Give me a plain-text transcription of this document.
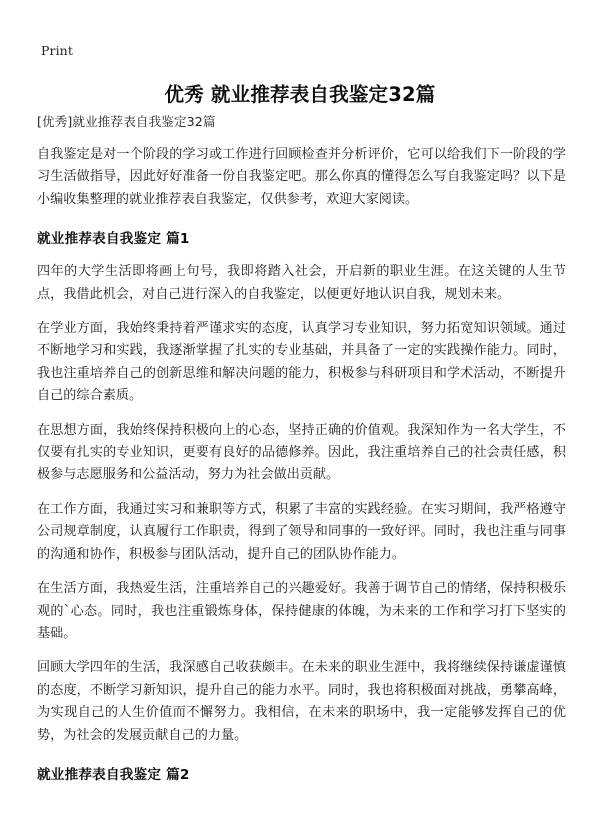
Print
优秀 就业推荐表自我鉴定32篇

[优秀]就业推荐表自我鉴定32篇

自我鉴定是对一个阶段的学习或工作进行回顾检查并分析评价，它可以给我们下一阶段的学习生活做指导，因此好好准备一份自我鉴定吧。那么你真的懂得怎么写自我鉴定吗？以下是小编收集整理的就业推荐表自我鉴定，仅供参考，欢迎大家阅读。

就业推荐表自我鉴定 篇1

四年的大学生活即将画上句号，我即将踏入社会，开启新的职业生涯。在这关键的人生节点，我借此机会，对自己进行深入的自我鉴定，以便更好地认识自我，规划未来。

在学业方面，我始终秉持着严谨求实的态度，认真学习专业知识，努力拓宽知识领域。通过不断地学习和实践，我逐渐掌握了扎实的专业基础，并具备了一定的实践操作能力。同时，我也注重培养自己的创新思维和解决问题的能力，积极参与科研项目和学术活动，不断提升自己的综合素质。

在思想方面，我始终保持积极向上的心态，坚持正确的价值观。我深知作为一名大学生，不仅要有扎实的专业知识，更要有良好的品德修养。因此，我注重培养自己的社会责任感，积极参与志愿服务和公益活动，努力为社会做出贡献。

在工作方面，我通过实习和兼职等方式，积累了丰富的实践经验。在实习期间，我严格遵守公司规章制度，认真履行工作职责，得到了领导和同事的一致好评。同时，我也注重与同事的沟通和协作，积极参与团队活动，提升自己的团队协作能力。

在生活方面，我热爱生活，注重培养自己的兴趣爱好。我善于调节自己的情绪，保持积极乐观的`心态。同时，我也注重锻炼身体，保持健康的体魄，为未来的工作和学习打下坚实的基础。

回顾大学四年的生活，我深感自己收获颇丰。在未来的职业生涯中，我将继续保持谦虚谨慎的态度，不断学习新知识，提升自己的能力水平。同时，我也将积极面对挑战，勇攀高峰，为实现自己的人生价值而不懈努力。我相信，在未来的职场中，我一定能够发挥自己的优势，为社会的发展贡献自己的力量。

就业推荐表自我鉴定 篇2
